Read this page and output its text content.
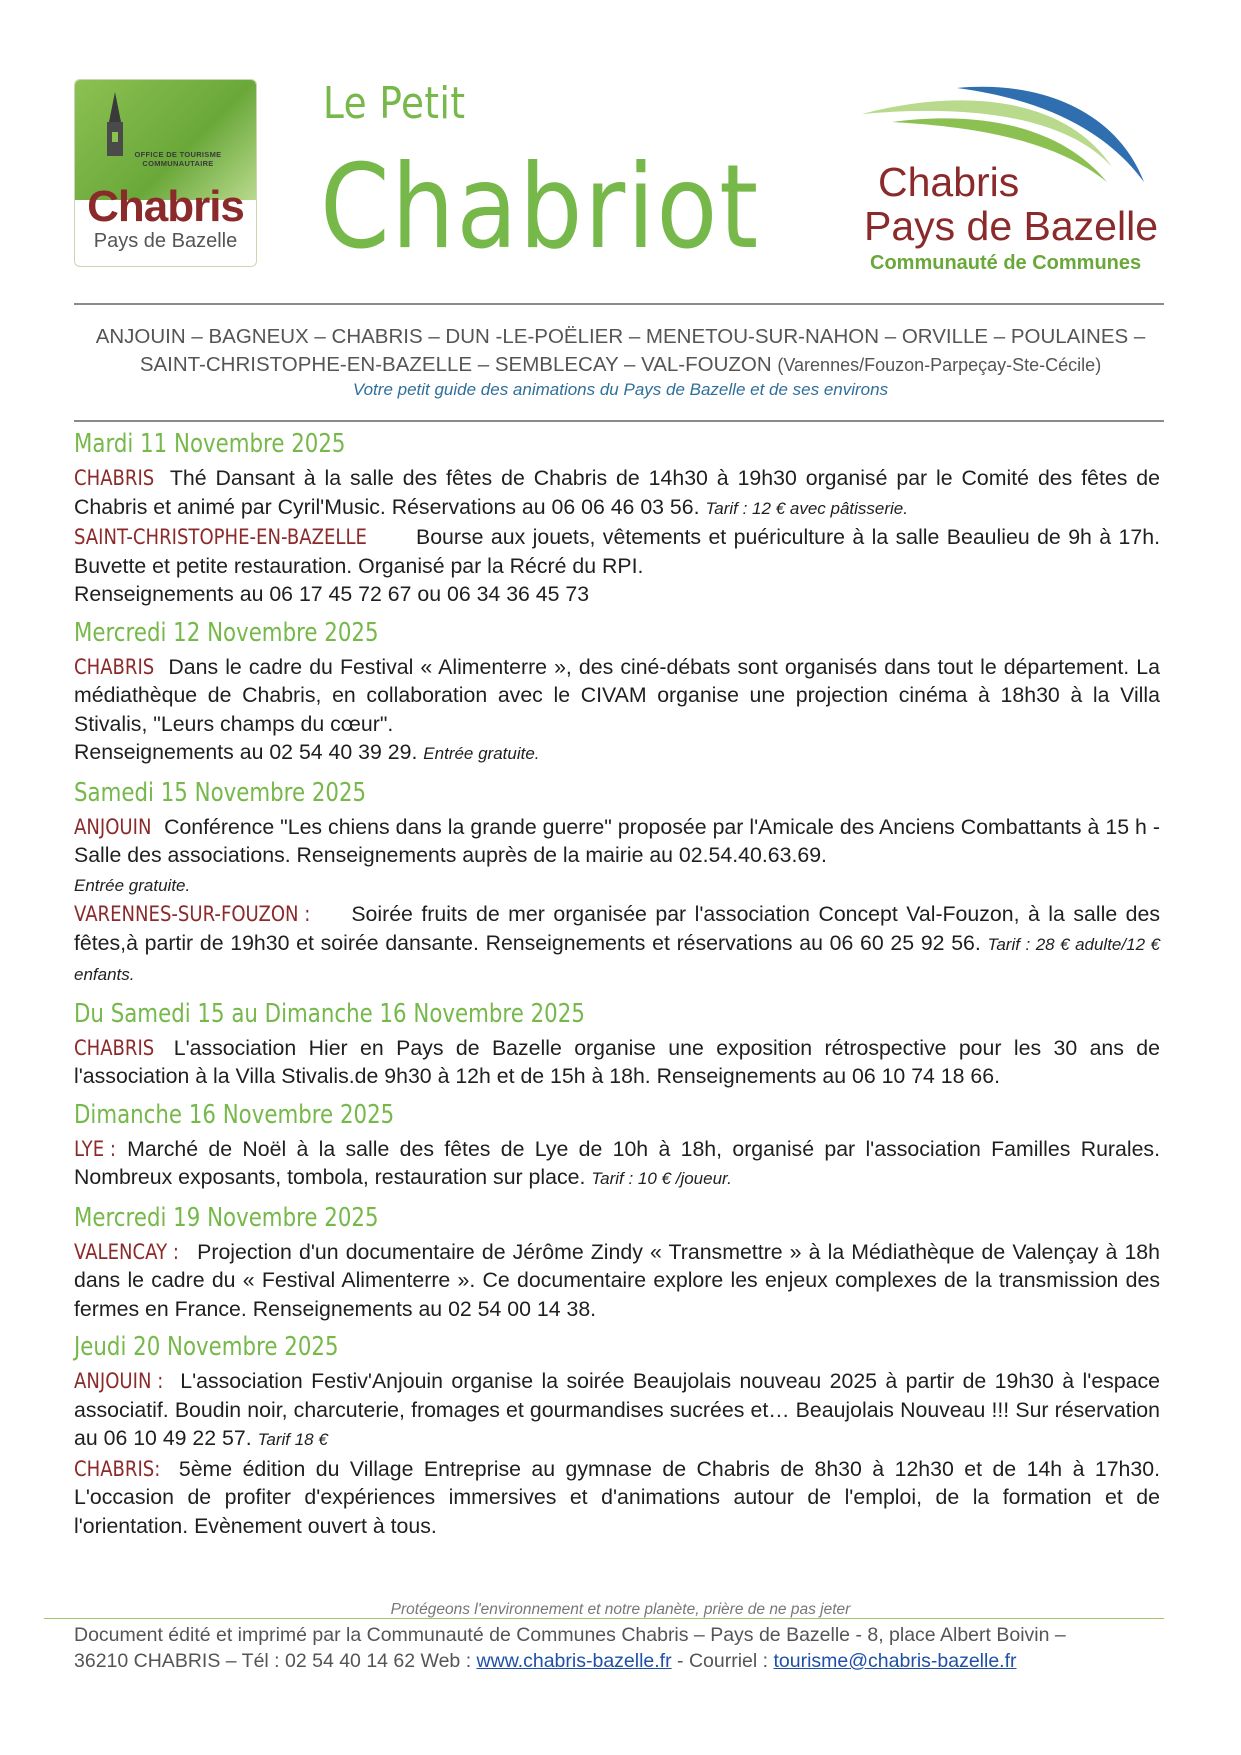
OFFICE DE TOURISME COMMUNAUTAIRE
Chabris
Pays de Bazelle
Le Petit
Chabriot	Chabris
Pays de Bazelle
Communauté de Communes
ANJOUIN – BAGNEUX – CHABRIS – DUN -LE-POËLIER – MENETOU-SUR-NAHON – ORVILLE – POULAINES –
SAINT-CHRISTOPHE-EN-BAZELLE – SEMBLECAY – VAL-FOUZON (Varennes/Fouzon-Parpeçay-Ste-Cécile)
Votre petit guide des animations du Pays de Bazelle et de ses environs
Mardi 11 Novembre 2025

CHABRIS Thé Dansant à la salle des fêtes de Chabris de 14h30 à 19h30 organisé par le Comité des fêtes de Chabris et animé par Cyril'Music. Réservations au 06 06 46 03 56. Tarif : 12 € avec pâtisserie.

SAINT-CHRISTOPHE-EN-BAZELLE Bourse aux jouets, vêtements et puériculture à la salle Beaulieu de 9h à 17h. Buvette et petite restauration. Organisé par la Récré du RPI.

Renseignements au 06 17 45 72 67 ou 06 34 36 45 73

Mercredi 12 Novembre 2025

CHABRIS Dans le cadre du Festival « Alimenterre », des ciné-débats sont organisés dans tout le département. La médiathèque de Chabris, en collaboration avec le CIVAM organise une projection cinéma à 18h30 à la Villa Stivalis, "Leurs champs du cœur".

Renseignements au 02 54 40 39 29. Entrée gratuite.

Samedi 15 Novembre 2025

ANJOUIN Conférence "Les chiens dans la grande guerre" proposée par l'Amicale des Anciens Combattants à 15 h - Salle des associations. Renseignements auprès de la mairie au 02.54.40.63.69.

Entrée gratuite.

VARENNES-SUR-FOUZON : Soirée fruits de mer organisée par l'association Concept Val-Fouzon, à la salle des fêtes,à partir de 19h30 et soirée dansante. Renseignements et réservations au 06 60 25 92 56. Tarif : 28 € adulte/12 € enfants.

Du Samedi 15 au Dimanche 16 Novembre 2025

CHABRIS L'association Hier en Pays de Bazelle organise une exposition rétrospective pour les 30 ans de l'association à la Villa Stivalis.de 9h30 à 12h et de 15h à 18h. Renseignements au 06 10 74 18 66.

Dimanche 16 Novembre 2025

LYE : Marché de Noël à la salle des fêtes de Lye de 10h à 18h, organisé par l'association Familles Rurales. Nombreux exposants, tombola, restauration sur place. Tarif : 10 € /joueur.

Mercredi 19 Novembre 2025

VALENCAY : Projection d'un documentaire de Jérôme Zindy « Transmettre » à la Médiathèque de Valençay à 18h dans le cadre du « Festival Alimenterre ». Ce documentaire explore les enjeux complexes de la transmission des fermes en France. Renseignements au 02 54 00 14 38.

Jeudi 20 Novembre 2025

ANJOUIN : L'association Festiv'Anjouin organise la soirée Beaujolais nouveau 2025 à partir de 19h30 à l'espace associatif. Boudin noir, charcuterie, fromages et gourmandises sucrées et… Beaujolais Nouveau !!! Sur réservation au 06 10 49 22 57. Tarif 18 €

CHABRIS: 5ème édition du Village Entreprise au gymnase de Chabris de 8h30 à 12h30 et de 14h à 17h30. L'occasion de profiter d'expériences immersives et d'animations autour de l'emploi, de la formation et de l'orientation. Evènement ouvert à tous.

Protégeons l'environnement et notre planète, prière de ne pas jeter
Document édité et imprimé par la Communauté de Communes Chabris – Pays de Bazelle - 8, place Albert Boivin –
36210 CHABRIS – Tél : 02 54 40 14 62 Web : www.chabris-bazelle.fr - Courriel : tourisme@chabris-bazelle.fr
